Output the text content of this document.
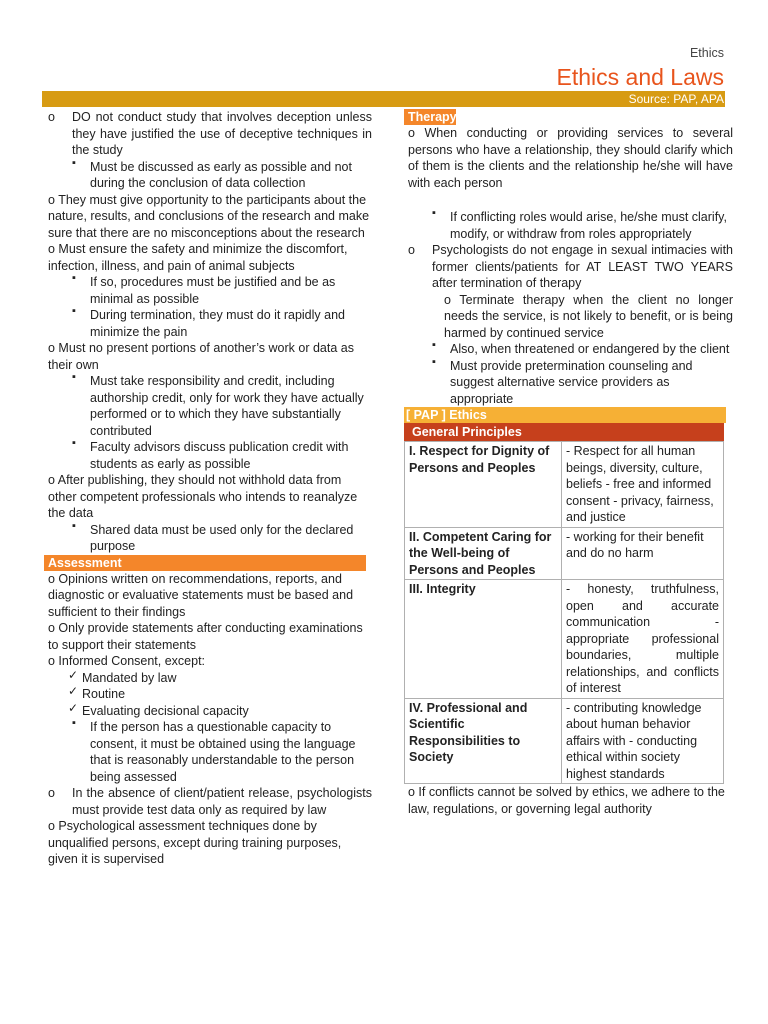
Ethics
Ethics and Laws
Source: PAP, APA
o DO not conduct study that involves deception unless they have justified the use of deceptive techniques in the study
▪ Must be discussed as early as possible and not during the conclusion of data collection
o They must give opportunity to the participants about the nature, results, and conclusions of the research and make sure that there are no misconceptions about the research
o Must ensure the safety and minimize the discomfort, infection, illness, and pain of animal subjects
▪ If so, procedures must be justified and be as minimal as possible
▪ During termination, they must do it rapidly and minimize the pain
o Must no present portions of another’s work or data as their own
▪ Must take responsibility and credit, including authorship credit, only for work they have actually performed or to which they have substantially contributed
▪ Faculty advisors discuss publication credit with students as early as possible
o After publishing, they should not withhold data from other competent professionals who intends to reanalyze the data
▪ Shared data must be used only for the declared purpose
Assessment
o Opinions written on recommendations, reports, and diagnostic or evaluative statements must be based and sufficient to their findings
o Only provide statements after conducting examinations to support their statements
o Informed Consent, except:
✓ Mandated by law
✓ Routine
✓ Evaluating decisional capacity
▪ If the person has a questionable capacity to consent, it must be obtained using the language that is reasonably understandable to the person being assessed
o In the absence of client/patient release, psychologists must provide test data only as required by law
o Psychological assessment techniques done by unqualified persons, except during training purposes, given it is supervised
Therapy
o When conducting or providing services to several persons who have a relationship, they should clarify which of them is the clients and the relationship he/she will have with each person
▪ If conflicting roles would arise, he/she must clarify, modify, or withdraw from roles appropriately
o Psychologists do not engage in sexual intimacies with former clients/patients for AT LEAST TWO YEARS after termination of therapy
o Terminate therapy when the client no longer needs the service, is not likely to benefit, or is being harmed by continued service
▪ Also, when threatened or endangered by the client
▪ Must provide pretermination counseling and suggest alternative service providers as appropriate
[ PAP ] Ethics
General Principles
I. Respect for Dignity of Persons and Peoples	- Respect for all human beings, diversity, culture, beliefs - free and informed consent - privacy, fairness, and justice
II. Competent Caring for the Well-being of Persons and Peoples	- working for their benefit and do no harm
III. Integrity	- honesty, truthfulness, open and accurate communication - appropriate professional boundaries, multiple relationships, and conflicts of interest
IV. Professional and Scientific Responsibilities to Society	- contributing knowledge about human behavior affairs with - conducting ethical within society highest standards
o If conflicts cannot be solved by ethics, we adhere to the law, regulations, or governing legal authority
